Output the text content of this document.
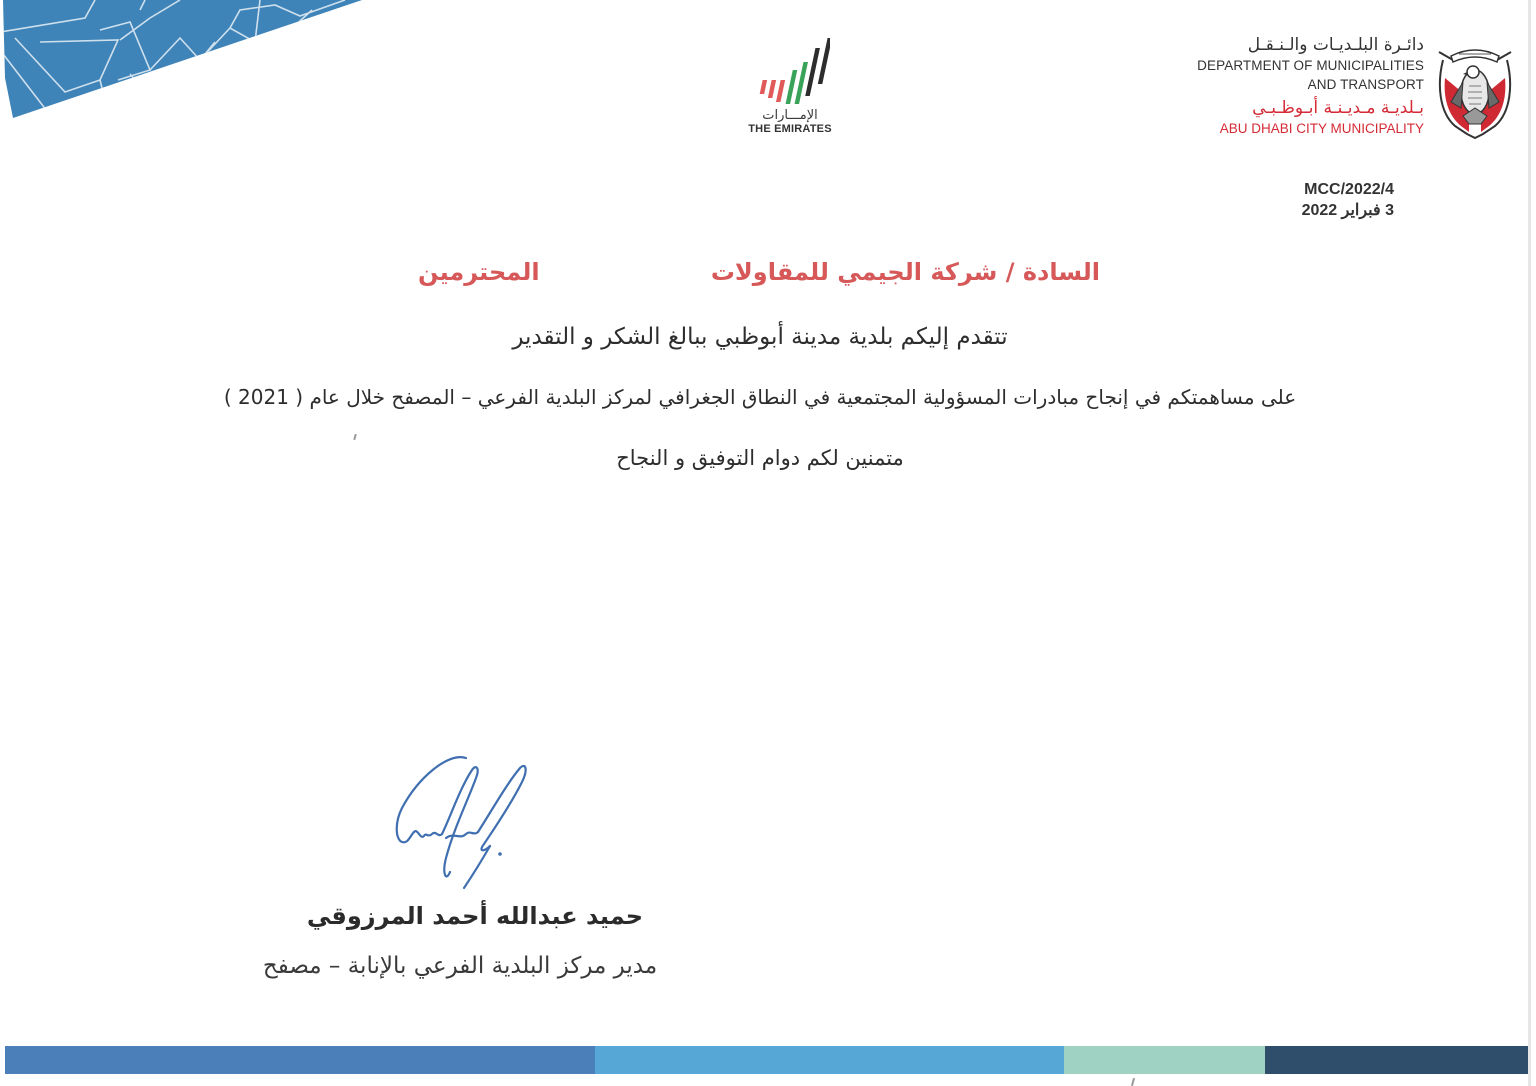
الإمـــارات
THE EMIRATES
دائـرة البلـديـات والـنـقـل
DEPARTMENT OF MUNICIPALITIES
AND TRANSPORT
بـلديـة مـديـنـة أبـوظـبـي
ABU DHABI CITY MUNICIPALITY
MCC/2022/4
3 فبراير 2022
السادة / شركة الجيمي للمقاولات
المحترمين
تتقدم إليكم بلدية مدينة أبوظبي ببالغ الشكر و التقدير
على مساهمتكم في إنجاح مبادرات المسؤولية المجتمعية في النطاق الجغرافي لمركز البلدية الفرعي – المصفح خلال عام ( 2021 )
متمنين لكم دوام التوفيق و النجاح
حميد عبدالله أحمد المرزوقي
مدير مركز البلدية الفرعي بالإنابة – مصفح
